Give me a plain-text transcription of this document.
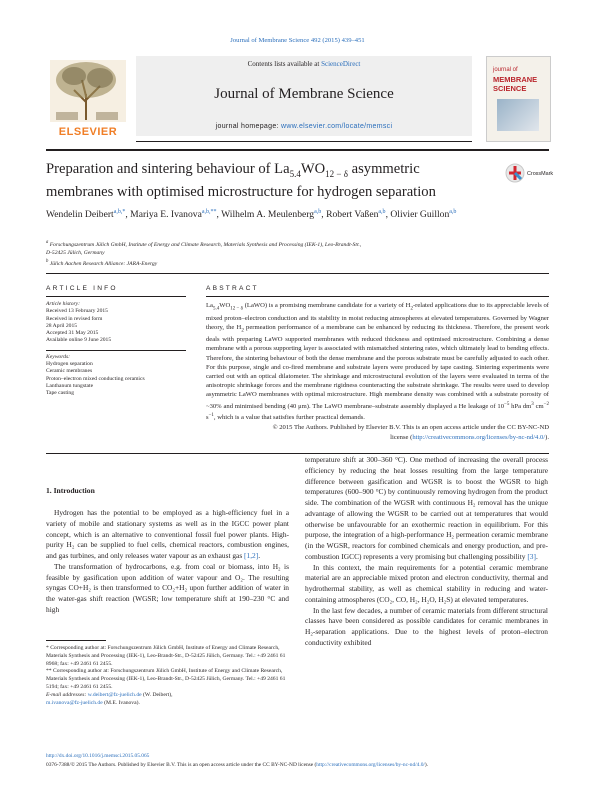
Journal of Membrane Science 492 (2015) 439–451
ELSEVIER
Contents lists available at ScienceDirect
Journal of Membrane Science
journal homepage: www.elsevier.com/locate/memsci
journal of
MEMBRANE
SCIENCE
Preparation and sintering behaviour of $La_{5.4}WO_{12 - \delta}$ asymmetric
membranes with optimised microstructure for hydrogen separation
CrossMark
Wendelin Deibert$^{a,b,*}$, Mariya E. Ivanova$^{a,b,**}$, Wilhelm A. Meulenberg$^{a,b}$, Robert Vaßen$^{a,b}$, Olivier Guillon$^{a,b}$
$^a$ Forschungszentrum Jülich GmbH, Institute of Energy and Climate Research, Materials Synthesis and Processing (IEK-1), Leo-Brandt-Str.,
D-52425 Jülich, Germany
$^b$ Jülich Aachen Research Alliance: JARA-Energy
ARTICLE INFO	ABSTRACT
Article history:
Received 13 February 2015
Received in revised form
28 April 2015
Accepted 31 May 2015
Available online 9 June 2015
Keywords:
Hydrogen separation
Ceramic membranes
Proton–electron mixed conducting ceramics
Lanthanum tungstate
Tape casting
$La_{5.4}WO_{12 - \delta}$ (LaWO) is a promising membrane candidate for a variety of $H_2$-related applications due to its appreciable levels of mixed proton–electron conduction and its stability in moist reducing atmospheres at elevated temperatures. Governed by Wagner theory, the $H_2$ permeation performance of a membrane can be enhanced by reducing its thickness. Therefore, the present work deals with preparing LaWO supported membranes with reduced thickness and optimised microstructure. Combining a dense membrane with a porous supporting layer is associated with mismatched sintering rates, which ultimately lead to bending effects. Therefore, the sintering behaviour of both the dense membrane and the porous substrate must be carefully adjusted to each other. For this purpose, single and co-fired membrane and substrate layers were produced by tape casting. Sintering experiments were carried out with an optical dilatometer. The shrinkage and microstructural evolution of the layers were evaluated in terms of the anisotropic shrinkage forces and the membrane rigidness counteracting the substrate shrinkage. The results were used to develop asymmetric LaWO membranes with optimal microstructure. High membrane density was combined with a substrate porosity of ~30% and minimised bending (40 μm). The LaWO membrane–substrate assembly displayed a He leakage of $10^{-5}$ hPa $dm^3$ $cm^{-2}$ $s^{-1}$, which is a value that satisfies further practical demands.
© 2015 The Authors. Published by Elsevier B.V. This is an open access article under the CC BY-NC-ND
license (http://creativecommons.org/licenses/by-nc-nd/4.0/).
1. Introduction

Hydrogen has the potential to be employed as a high-efficiency fuel in a variety of mobile and stationary systems as well as in the IGCC power plant concept, which is an alternative to conventional fossil fuel power plants. High-purity H₂ can be supplied to fuel cells, chemical reactors, combustion engines, and gas turbines, and only releases water vapour as an exhaust gas [1,2].

The transformation of hydrocarbons, e.g. from coal or biomass, into H₂ is feasible by gasification upon addition of water vapour and O₂. The resulting syngas CO+H₂ is then transformed to CO₂+H₂ upon further addition of water in the water-gas shift reaction (WGSR; low temperature shift at 190–230 °C and high

temperature shift at 300–360 °C). One method of increasing the overall process efficiency by reducing the heat losses resulting from the large temperature difference between gasification and WGSR is to boost the WGSR to high temperatures (600–900 °C) by continuously removing hydrogen from the product side. The combination of the WGSR with continuous H₂ removal has the unique advantage of allowing the WGSR to be carried out at temperatures that would otherwise be unfavourable for an exothermic reaction in equilibrium. For this purpose, the integration of a high-performance H₂ permeation ceramic membrane (in the WGSR, reactors for combined chemicals and energy production, and pre-combustion IGCC) represents a very promising but challenging possibility [3].

In this context, the main requirements for a potential ceramic membrane material are an appreciable mixed proton and electron conductivity, thermal and hydrothermal stability, as well as chemical stability in reducing and water-containing atmospheres (CO₂, CO, H₂, H₂O, H₂S) at elevated temperatures.

In the last few decades, a number of ceramic materials from different structural classes have been considered as possible candidates for ceramic membranes in H₂-separation applications. Due to the highest levels of proton–electron conductivity exhibited

* Corresponding author at: Forschungszentrum Jülich GmbH, Institute of Energy and Climate Research, Materials Synthesis and Processing (IEK-1), Leo-Brandt-Str., D-52425 Jülich, Germany. Tel.: +49 2461 61 8968; fax: +49 2461 61 2455.

** Corresponding author at: Forschungszentrum Jülich GmbH, Institute of Energy and Climate Research, Materials Synthesis and Processing (IEK-1), Leo-Brandt-Str., D-52425 Jülich, Germany. Tel.: +49 2461 61 5194; fax: +49 2461 61 2455.

E-mail addresses: w.deibert@fz-juelich.de (W. Deibert),
m.ivanova@fz-juelich.de (M.E. Ivanova).

http://dx.doi.org/10.1016/j.memsci.2015.05.065
0376-7388/© 2015 The Authors. Published by Elsevier B.V. This is an open access article under the CC BY-NC-ND license (http://creativecommons.org/licenses/by-nc-nd/4.0/).
